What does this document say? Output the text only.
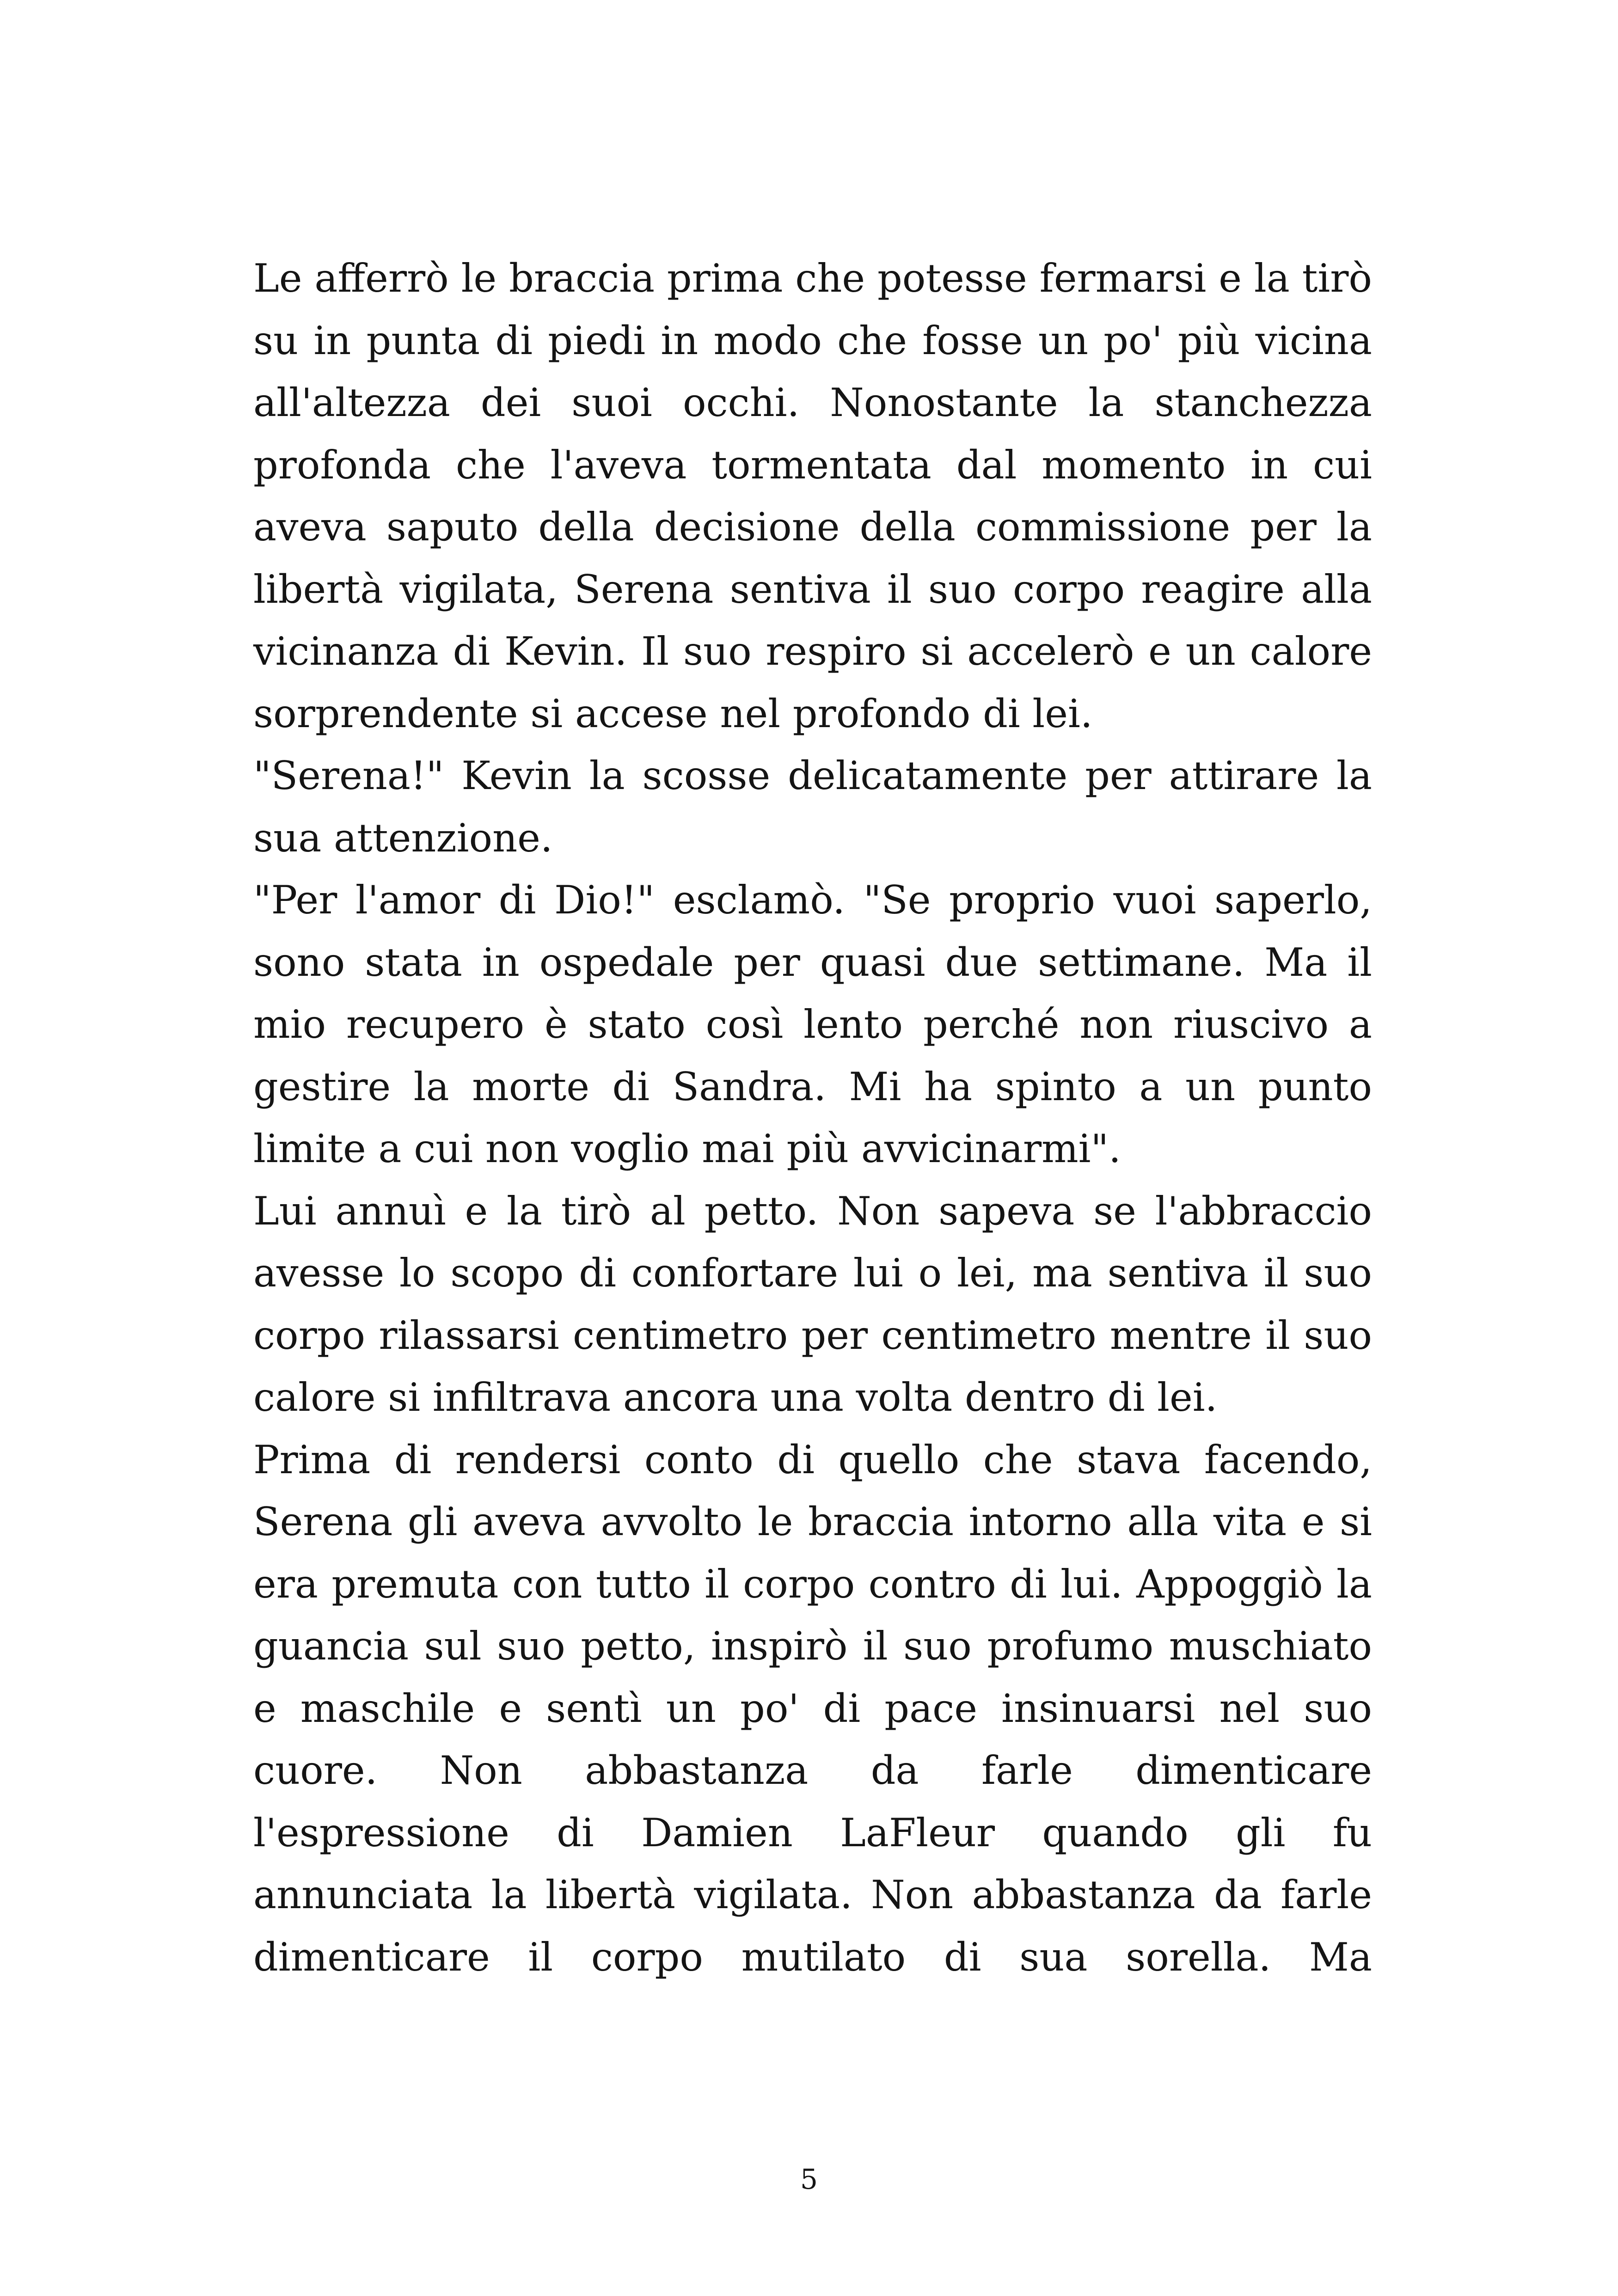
Le afferrò le braccia prima che potesse fermarsi e la tirò
su in punta di piedi in modo che fosse un po' più vicina
all'altezza dei suoi occhi. Nonostante la stanchezza
profonda che l'aveva tormentata dal momento in cui
aveva saputo della decisione della commissione per la
libertà vigilata, Serena sentiva il suo corpo reagire alla
vicinanza di Kevin. Il suo respiro si accelerò e un calore
sorprendente si accese nel profondo di lei.
"Serena!" Kevin la scosse delicatamente per attirare la
sua attenzione.
"Per l'amor di Dio!" esclamò. "Se proprio vuoi saperlo,
sono stata in ospedale per quasi due settimane. Ma il
mio recupero è stato così lento perché non riuscivo a
gestire la morte di Sandra. Mi ha spinto a un punto
limite a cui non voglio mai più avvicinarmi".
Lui annuì e la tirò al petto. Non sapeva se l'abbraccio
avesse lo scopo di confortare lui o lei, ma sentiva il suo
corpo rilassarsi centimetro per centimetro mentre il suo
calore si infiltrava ancora una volta dentro di lei.
Prima di rendersi conto di quello che stava facendo,
Serena gli aveva avvolto le braccia intorno alla vita e si
era premuta con tutto il corpo contro di lui. Appoggiò la
guancia sul suo petto, inspirò il suo profumo muschiato
e maschile e sentì un po' di pace insinuarsi nel suo
cuore. Non abbastanza da farle dimenticare
l'espressione di Damien LaFleur quando gli fu
annunciata la libertà vigilata. Non abbastanza da farle
dimenticare il corpo mutilato di sua sorella. Ma
5
